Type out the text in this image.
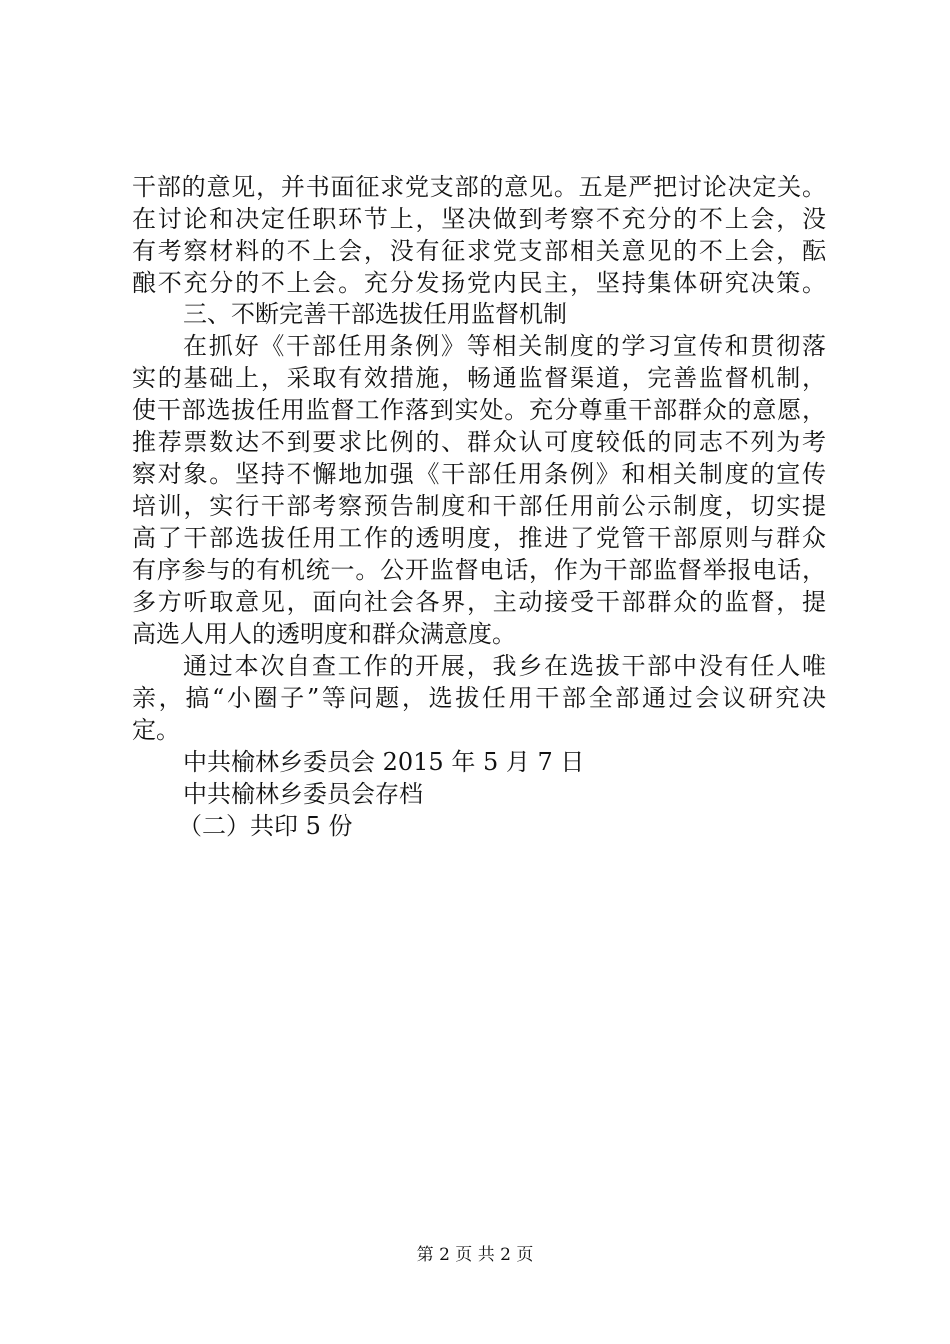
干部的意见，并书面征求党支部的意见。五是严把讨论决定关。
在讨论和决定任职环节上，坚决做到考察不充分的不上会，没
有考察材料的不上会，没有征求党支部相关意见的不上会，酝
酿不充分的不上会。充分发扬党内民主，坚持集体研究决策。
三、不断完善干部选拔任用监督机制
在抓好《干部任用条例》等相关制度的学习宣传和贯彻落
实的基础上，采取有效措施，畅通监督渠道，完善监督机制，
使干部选拔任用监督工作落到实处。充分尊重干部群众的意愿，
推荐票数达不到要求比例的、群众认可度较低的同志不列为考
察对象。坚持不懈地加强《干部任用条例》和相关制度的宣传
培训，实行干部考察预告制度和干部任用前公示制度，切实提
高了干部选拔任用工作的透明度，推进了党管干部原则与群众
有序参与的有机统一。公开监督电话，作为干部监督举报电话，
多方听取意见，面向社会各界，主动接受干部群众的监督，提
高选人用人的透明度和群众满意度。
通过本次自查工作的开展，我乡在选拔干部中没有任人唯
亲，搞“小圈子”等问题，选拔任用干部全部通过会议研究决
定。
中共榆林乡委员会 2015 年 5 月 7 日
中共榆林乡委员会存档
（二）共印 5 份
第 2 页 共 2 页
